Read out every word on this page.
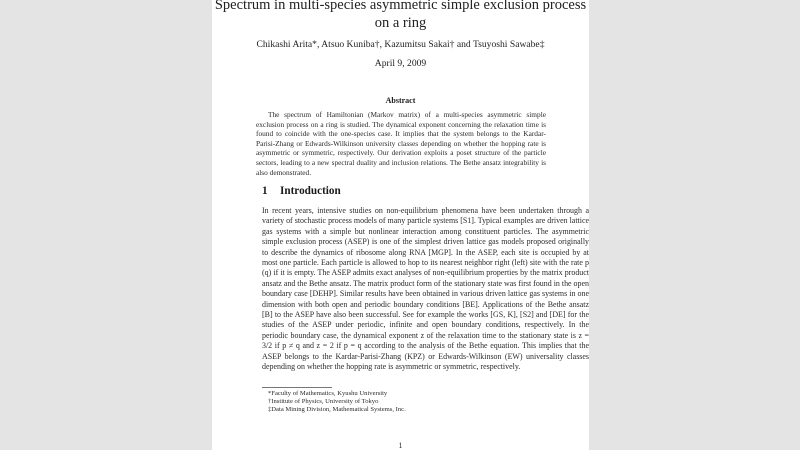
Spectrum in multi-species asymmetric simple exclusion process
on a ring
Chikashi Arita*, Atsuo Kuniba†, Kazumitsu Sakai† and Tsuyoshi Sawabe‡
April 9, 2009
Abstract
The spectrum of Hamiltonian (Markov matrix) of a multi-species asymmetric simple exclusion process on a ring is studied. The dynamical exponent concerning the relaxation time is found to coincide with the one-species case. It implies that the system belongs to the Kardar-Parisi-Zhang or Edwards-Wilkinson university classes depending on whether the hopping rate is asymmetric or symmetric, respectively. Our derivation exploits a poset structure of the particle sectors, leading to a new spectral duality and inclusion relations. The Bethe ansatz integrability is also demonstrated.
1 Introduction
In recent years, intensive studies on non-equilibrium phenomena have been undertaken through a variety of stochastic process models of many particle systems [S1]. Typical examples are driven lattice gas systems with a simple but nonlinear interaction among constituent particles. The asymmetric simple exclusion process (ASEP) is one of the simplest driven lattice gas models proposed originally to describe the dynamics of ribosome along RNA [MGP]. In the ASEP, each site is occupied by at most one particle. Each particle is allowed to hop to its nearest neighbor right (left) site with the rate p (q) if it is empty. The ASEP admits exact analyses of non-equilibrium properties by the matrix product ansatz and the Bethe ansatz. The matrix product form of the stationary state was first found in the open boundary case [DEHP]. Similar results have been obtained in various driven lattice gas systems in one dimension with both open and periodic boundary conditions [BE]. Applications of the Bethe ansatz [B] to the ASEP have also been successful. See for example the works [GS, K], [S2] and [DE] for the studies of the ASEP under periodic, infinite and open boundary conditions, respectively. In the periodic boundary case, the dynamical exponent z of the relaxation time to the stationary state is z = 3/2 if p ≠ q and z = 2 if p = q according to the analysis of the Bethe equation. This implies that the ASEP belongs to the Kardar-Parisi-Zhang (KPZ) or Edwards-Wilkinson (EW) universality classes depending on whether the hopping rate is asymmetric or symmetric, respectively.
*Faculty of Mathematics, Kyushu University
†Institute of Physics, University of Tokyo
‡Data Mining Division, Mathematical Systems, Inc.
1
